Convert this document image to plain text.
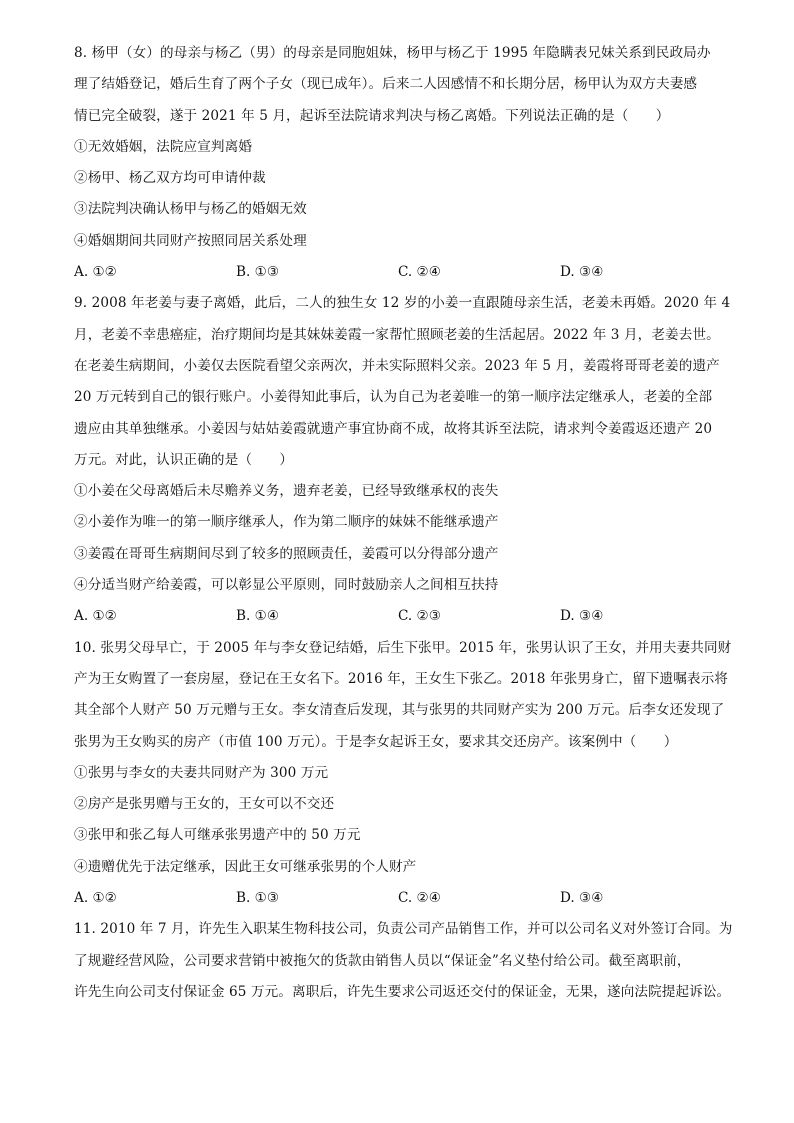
8. 杨甲（女）的母亲与杨乙（男）的母亲是同胞姐妹，杨甲与杨乙于 1995 年隐瞒表兄妹关系到民政局办
理了结婚登记，婚后生育了两个子女（现已成年）。后来二人因感情不和长期分居，杨甲认为双方夫妻感
情已完全破裂，遂于 2021 年 5 月，起诉至法院请求判决与杨乙离婚。下列说法正确的是（　　）
①无效婚姻，法院应宣判离婚
②杨甲、杨乙双方均可申请仲裁
③法院判决确认杨甲与杨乙的婚姻无效
④婚姻期间共同财产按照同居关系处理
A. ①②	B. ①③	C. ②④	D. ③④
9. 2008 年老姜与妻子离婚，此后，二人的独生女 12 岁的小姜一直跟随母亲生活，老姜未再婚。2020 年 4
月，老姜不幸患癌症，治疗期间均是其妹妹姜霞一家帮忙照顾老姜的生活起居。2022 年 3 月，老姜去世。
在老姜生病期间，小姜仅去医院看望父亲两次，并未实际照料父亲。2023 年 5 月，姜霞将哥哥老姜的遗产
20 万元转到自己的银行账户。小姜得知此事后，认为自己为老姜唯一的第一顺序法定继承人，老姜的全部
遗应由其单独继承。小姜因与姑姑姜霞就遗产事宜协商不成，故将其诉至法院，请求判令姜霞返还遗产 20
万元。对此，认识正确的是（　　）
①小姜在父母离婚后未尽赡养义务，遗弃老姜，已经导致继承权的丧失
②小姜作为唯一的第一顺序继承人，作为第二顺序的妹妹不能继承遗产
③姜霞在哥哥生病期间尽到了较多的照顾责任，姜霞可以分得部分遗产
④分适当财产给姜霞，可以彰显公平原则，同时鼓励亲人之间相互扶持
A. ①②	B. ①④	C. ②③	D. ③④
10. 张男父母早亡，于 2005 年与李女登记结婚，后生下张甲。2015 年，张男认识了王女，并用夫妻共同财
产为王女购置了一套房屋，登记在王女名下。2016 年，王女生下张乙。2018 年张男身亡，留下遗嘱表示将
其全部个人财产 50 万元赠与王女。李女清查后发现，其与张男的共同财产实为 200 万元。后李女还发现了
张男为王女购买的房产（市值 100 万元）。于是李女起诉王女，要求其交还房产。该案例中（　　）
①张男与李女的夫妻共同财产为 300 万元
②房产是张男赠与王女的，王女可以不交还
③张甲和张乙每人可继承张男遗产中的 50 万元
④遗赠优先于法定继承，因此王女可继承张男的个人财产
A. ①②	B. ①③	C. ②④	D. ③④
11. 2010 年 7 月，许先生入职某生物科技公司，负责公司产品销售工作，并可以公司名义对外签订合同。为
了规避经营风险，公司要求营销中被拖欠的货款由销售人员以“保证金”名义垫付给公司。截至离职前，
许先生向公司支付保证金 65 万元。离职后，许先生要求公司返还交付的保证金，无果，遂向法院提起诉讼。
